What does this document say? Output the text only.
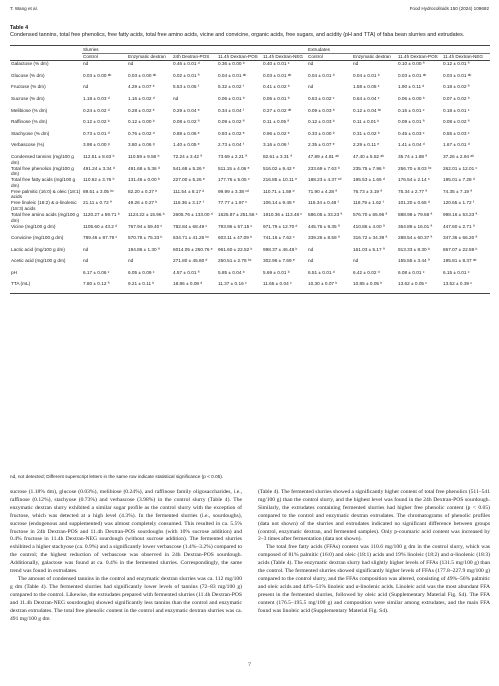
T. Wang et al.	Food Hydrocolloids 150 (2024) 109692
Table 4
Condensed tannins, total free phenolics, free fatty acids, total free amino acids, vicine and convicine, organic acids, free sugars, and acidity (pH and TTA) of faba bean slurries and extrudates.
	Slurries					Extrudates			
	Control	Enzymatic dextran	24h Dextran-POS	11.4h Dextran-POS	11.4h Dextran-NEG	Control	Enzymatic dextran	11.4h Dextran-POS	11.4h Dextran-NEG
Galactose (% dm)	nd	nd	0.46 ± 0.01 ᵈ	0.36 ± 0.00 ᵇ	0.40 ± 0.01 ᶜ	nd	nd	0.10 ± 0.00 ª	0.12 ± 0.01 ª
Glucose (% dm)	0.03 ± 0.00 ᵃᵇ	0.03 ± 0.00 ᵃᵇ	0.02 ± 0.01 ª	0.04 ± 0.01 ᵃᵇ	0.03 ± 0.01 ᵃᵇ	0.04 ± 0.01 ᵇ	0.04 ± 0.01 ᵇ	0.03 ± 0.01 ᵃᵇ	0.03 ± 0.01 ᵃᵇ
Fructose (% dm)	nd	4.29 ± 0.07 ᵉ	5.53 ± 0.05 ᶠ	5.32 ± 0.02 ᶠ	0.41 ± 0.02 ᵇ	nd	1.58 ± 0.05 ᶜ	1.90 ± 0.11 ᵈ	0.18 ± 0.02 ª
Sucrose (% dm)	1.18 ± 0.03 ᵈ	1.16 ± 0.02 ᵈ	nd	0.06 ± 0.01 ᵇ	0.06 ± 0.01 ᵇ	0.63 ± 0.02 ᶜ	0.64 ± 0.04 ᶜ	0.06 ± 0.00 ᵇ	0.07 ± 0.02 ᵇ
Melibiose (% dm)	0.24 ± 0.02 ᵈ	0.28 ± 0.02 ᵉ	0.29 ± 0.04 ᵉ	0.34 ± 0.04 ᶠ	0.27 ± 0.02 ᵈᵉ	0.09 ± 0.03 ᵇ	0.12 ± 0.04 ᵇᶜ	0.16 ± 0.01 ᶜ	0.18 ± 0.01 ᶜ
Raffinose (% dm)	0.12 ± 0.02 ᵇ	0.12 ± 0.00 ᵇ	0.08 ± 0.02 ª	0.09 ± 0.02 ª	0.11 ± 0.05 ª	0.12 ± 0.03 ᵇ	0.11 ± 0.01 ᵇ	0.09 ± 0.01 ª	0.08 ± 0.02 ª
Stachyose (% dm)	0.73 ± 0.01 ᵈ	0.76 ± 0.02 ᵈ	0.88 ± 0.06 ᵉ	0.93 ± 0.02 ᵉ	0.96 ± 0.02 ᵉ	0.33 ± 0.00 ᵇ	0.31 ± 0.02 ᵇ	0.45 ± 0.03 ᶜ	0.55 ± 0.03 ᶜ
Verbascose (%)	3.98 ± 0.00 ᵍ	3.80 ± 0.06 ᵍ	1.40 ± 0.05 ᵉ	2.73 ± 0.04 ᶠ	3.16 ± 0.06 ᶠ	2.35 ± 0.07 ᵉ	2.29 ± 0.11 ᵉ	1.41 ± 0.04 ᵈ	1.67 ± 0.01 ᵈ
Condensed tannins (mg/100 g dm)	112.51 ± 8.63 ᵇ	110.59 ± 9.56 ᵇ	72.24 ± 3.42 ª	73.69 ± 2.21 ª	82.61 ± 3.31 ª	47.89 ± 4.81 ᵃᵇ	47.40 ± 5.52 ᵃᵇ	35.74 ± 1.88 ª	37.26 ± 2.94 ᵃᵇ
Total free phenolics (mg/100 g dm)	491.24 ± 3.34 ᵈ	491.68 ± 5.36 ᵈ	541.68 ± 5.26 ᵉ	511.15 ± 4.06 ᵉ	516.02 ± 9.42 ᵉ	233.69 ± 7.63 ᵇ	235.75 ± 7.96 ᵇ	256.70 ± 8.03 ᵇᶜ	262.01 ± 12.01 ᶜ
Total free fatty acids (mg/100 g dm)	110.62 ± 3.76 ᵇ	131.46 ± 0.00 ᵇ	227.00 ± 5.26 ᵉ	177.76 ± 5.05 ᶜ	216.85 ± 10.11 ᵉ	188.23 ± 4.37 ᶜᵈ	195.53 ± 1.65 ᵈ	176.54 ± 2.14 ᶜ	195.01 ± 7.28 ᵈ
Free palmitic (16:0) & oleic (18:1) acids	89.51 ± 3.05 ᵇᶜ	82.20 ± 0.27 ᵇ	111.54 ± 8.17 ᵈ	99.99 ± 3.38 ᶜᵈ	110.71 ± 1.59 ᵈ	71.90 ± 4.28 ª	76.73 ± 3.19 ª	75.34 ± 2.77 ª	74.35 ± 7.19 ª
Free linoleic (18:2) & α-linolenic (18:3) acids	21.11 ± 0.72 ª	49.26 ± 0.27 ᵇ	116.36 ± 3.17 ᶠ	77.77 ± 1.97 ᶜ	106.14 ± 9.45 ᵉ	116.34 ± 0.48 ᶠ	118.79 ± 1.62 ᶠ	101.20 ± 0.65 ᵈ	120.65 ± 1.72 ᶠ
Total free amino acids (mg/100 g dm)	1120.27 ± 59.71 ᵇ	1124.22 ± 15.96 ᵇ	2605.76 ± 133.00 ᵈ	1625.87 ± 251.56 ᶜ	1910.36 ± 113.48 ᶜ	586.05 ± 33.23 ª	576.70 ± 65.96 ª	888.98 ± 79.68 ª	998.16 ± 53.23 ª
Vicine (mg/100 g dm)	1105.60 ± 43.2 ᵈ	767.94 ± 59.40 ᶜ	782.84 ± 68.49 ᶜ	793.96 ± 57.15 ᶜ	971.79 ± 12.70 ᵈ	445.76 ± 9.35 ª	410.86 ± 4.00 ª	364.89 ± 16.01 ª	447.60 ± 2.71 ª
Convicine (mg/100 g dm)	789.46 ± 87.79 ᶜ	570.78 ± 75.33 ᵇ	634.71 ± 41.26 ᵇᶜ	603.11 ± 47.09 ᵇ	741.16 ± 7.62 ᶜ	339.26 ± 8.59 ª	316.72 ± 34.39 ª	288.54 ± 60.37 ª	347.36 ± 66.20 ª
Lactic acid (mg/100 g dm)	nd	194.86 ± 1.30 ª	6014.05 ± 250.76 ᵉ	961.60 ± 22.52 ᵇ	998.37 ± 46.48 ᵇ	nd	161.03 ± 5.17 ª	913.33 ± 8.30 ᵇ	867.07 ± 22.59 ᵇ
Acetic acid (mg/100 g dm)	nd	nd	271.80 ± 45.80 ᵈ	250.51 ± 2.78 ᵇᶜ	302.96 ± 7.69 ᵉ	nd	nd	155.55 ± 3.44 ª	195.81 ± 8.37 ᵃᵇ
pH	6.17 ± 0.06 ᶜ	6.05 ± 0.09 ᶜ	4.57 ± 0.01 ª	5.85 ± 0.04 ᵇ	5.69 ± 0.01 ᵇ	6.51 ± 0.01 ᵈ	6.42 ± 0.02 ᵈ	6.08 ± 0.01 ᶜ	6.15 ± 0.01 ᶜ
TTA (mL)	7.80 ± 0.12 ª	9.21 ± 0.11 ᵇ	18.86 ± 0.08 ᵈ	11.37 ± 0.16 ᶜ	11.65 ± 0.04 ᶜ	10.30 ± 0.07 ᵇ	10.85 ± 0.05 ᵇ	13.62 ± 0.05 ᶜ	13.52 ± 0.39 ᶜ
nd, not detected; Different superscript letters in the same row indicate statistical significance (p < 0.05).

sucrose (1.18% dm), glucose (0.03%), melibiose (0.24%), and raffinose family oligosaccharides, i.e., raffinose (0.12%), stachyose (0.73%) and verbascose (3.98%) in the control slurry (Table 4). The enzymatic dextran slurry exhibited a similar sugar profile as the control slurry with the exception of fructose, which was detected at a high level (4.3%). In the fermented slurries (i.e., sourdoughs), sucrose (endogenous and supplemented) was almost completely consumed. This resulted in ca. 5.5% fructose in 24h Dextran-POS and 11.4h Dextran-POS sourdoughs (with 10% sucrose addition) and 0.4% fructose in 11.4h Dextran-NEG sourdough (without sucrose addition). The fermented slurries exhibited a higher stachyose (ca. 0.9%) and a significantly lower verbascose (1.4%–3.2%) compared to the control; the highest reduction of verbascose was observed in 24h Dextran-POS sourdough. Additionally, galactose was found at ca. 0.4% in the fermented slurries. Correspondingly, the same trend was found in extrudates.

The amount of condensed tannins in the control and enzymatic dextran slurries was ca. 112 mg/100 g dm (Table 4). The fermented slurries had significantly lower levels of tannins (72–83 mg/100 g) compared to the control. Likewise, the extrudates prepared with fermented slurries (11.4h Dextran-POS and 11.4h Dextran-NEG sourdoughs) showed significantly less tannins than the control and enzymatic dextran extrudates. The total free phenolic content in the control and enzymatic dextran slurries was ca. 491 mg/100 g dm

(Table 4). The fermented slurries showed a significantly higher content of total free phenolics (511–541 mg/100 g) than the control slurry, and the highest level was found in the 24h Dextran-POS sourdough. Similarly, the extrudates containing fermented slurries had higher free phenolic content (p < 0.05) compared to the control and enzymatic dextran extrudates. The chromatograms of phenolic profiles (data not shown) of the slurries and extrudates indicated no significant difference between groups (control, enzymatic dextran, and fermented samples). Only p-coumaric acid content was increased by 2–3 times after fermentation (data not shown).

The total free fatty acids (FFAs) content was 110.6 mg/100 g dm in the control slurry, which was composed of 81% palmitic (16:0) and oleic (18:1) acids and 19% linoleic (18:2) and α-linolenic (18:3) acids (Table 4). The enzymatic dextran slurry had slightly higher levels of FFAs (131.5 mg/100 g) than the control. The fermented slurries showed significantly higher levels of FFAs (177.8–227.9 mg/100 g) compared to the control slurry, and the FFAs composition was altered, consisting of 49%–56% palmitic and oleic acids and 44%–51% linoleic and α-linolenic acids. Linoleic acid was the most abundant FFA present in the fermented slurries, followed by oleic acid (Supplementary Material Fig. S4). The FFA content (176.5–195.5 mg/100 g) and composition were similar among extrudates, and the main FFA found was linoleic acid (Supplementary Material Fig. S4).

7
